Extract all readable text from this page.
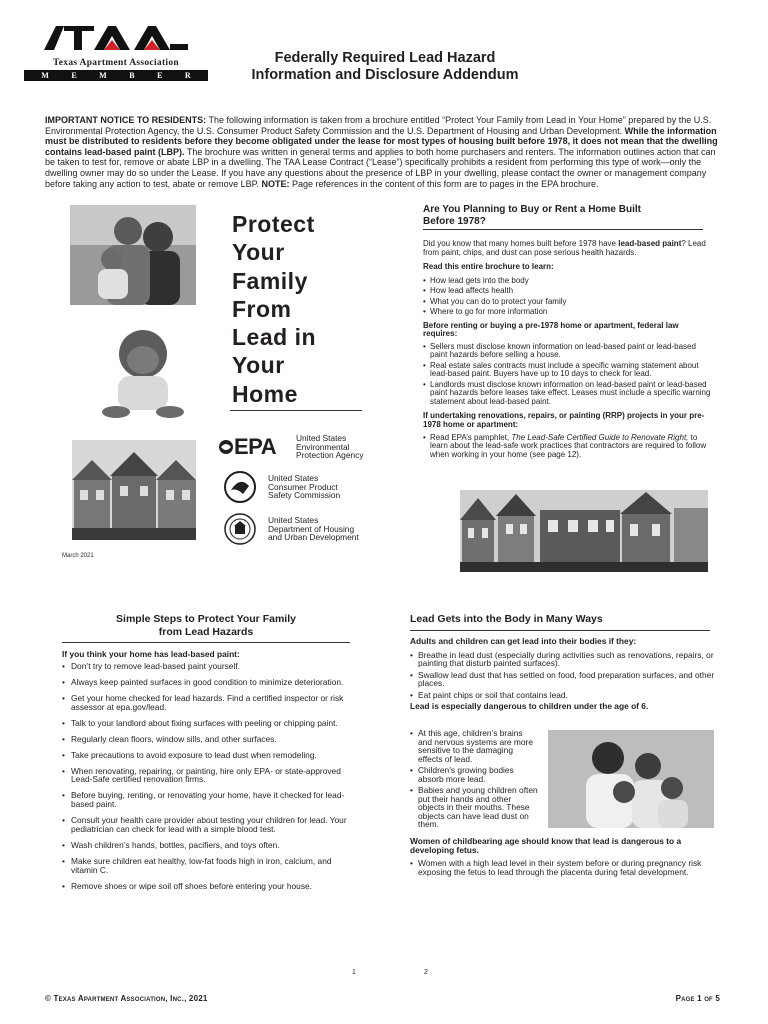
Texas Apartment Association
M	E	M	B	E	R
Federally Required Lead Hazard
Information and Disclosure Addendum
IMPORTANT NOTICE TO RESIDENTS: The following information is taken from a brochure entitled “Protect Your Family from Lead in Your Home” prepared by the U.S. Environmental Protection Agency, the U.S. Consumer Product Safety Commission and the U.S. Department of Housing and Urban Development. While the information must be distributed to residents before they become obligated under the lease for most types of housing built before 1978, it does not mean that the dwelling contains lead-based paint (LBP). The brochure was written in general terms and applies to both home purchasers and renters. The information outlines action that can be taken to test for, remove or abate LBP in a dwelling. The TAA Lease Contract (“Lease”) specifically prohibits a resident from performing this type of work—only the dwelling owner may do so under the Lease. If you have any questions about the presence of LBP in your dwelling, please contact the owner or management company before taking any action to test, abate or remove LBP. NOTE: Page references in the content of this form are to pages in the EPA brochure.
Protect
Your
Family
From
Lead in
Your
Home
EPA United States
Environmental
Protection Agency
United States
Consumer Product
Safety Commission
United States
Department of Housing
and Urban Development
March 2021
Are You Planning to Buy or Rent a Home Built
Before 1978?
Did you know that many homes built before 1978 have lead-based paint? Lead from paint, chips, and dust can pose serious health hazards.
Read this entire brochure to learn:
• How lead gets into the body
• How lead affects health
• What you can do to protect your family
• Where to go for more information
Before renting or buying a pre-1978 home or apartment, federal law requires:
• Sellers must disclose known information on lead-based paint or lead-based paint hazards before selling a house.
• Real estate sales contracts must include a specific warning statement about lead-based paint. Buyers have up to 10 days to check for lead.
• Landlords must disclose known information on lead-based paint or lead-based paint hazards before leases take effect. Leases must include a specific warning statement about lead-based paint.
If undertaking renovations, repairs, or painting (RRP) projects in your pre-1978 home or apartment:
• Read EPA’s pamphlet, The Lead-Safe Certified Guide to Renovate Right, to learn about the lead-safe work practices that contractors are required to follow when working in your home (see page 12).
Simple Steps to Protect Your Family
from Lead Hazards
If you think your home has lead-based paint:
• Don’t try to remove lead-based paint yourself.
• Always keep painted surfaces in good condition to minimize deterioration.
• Get your home checked for lead hazards. Find a certified inspector or risk assessor at epa.gov/lead.
• Talk to your landlord about fixing surfaces with peeling or chipping paint.
• Regularly clean floors, window sills, and other surfaces.
• Take precautions to avoid exposure to lead dust when remodeling.
• When renovating, repairing, or painting, hire only EPA- or state-approved Lead-Safe certified renovation firms.
• Before buying, renting, or renovating your home, have it checked for lead-based paint.
• Consult your health care provider about testing your children for lead. Your pediatrician can check for lead with a simple blood test.
• Wash children’s hands, bottles, pacifiers, and toys often.
• Make sure children eat healthy, low-fat foods high in iron, calcium, and vitamin C.
• Remove shoes or wipe soil off shoes before entering your house.
1
Lead Gets into the Body in Many Ways
Adults and children can get lead into their bodies if they:
• Breathe in lead dust (especially during activities such as renovations, repairs, or painting that disturb painted surfaces).
• Swallow lead dust that has settled on food, food preparation surfaces, and other places.
• Eat paint chips or soil that contains lead.
Lead is especially dangerous to children under the age of 6.
• At this age, children’s brains and nervous systems are more sensitive to the damaging effects of lead.
• Children’s growing bodies absorb more lead.
• Babies and young children often put their hands and other objects in their mouths. These objects can have lead dust on them.
Women of childbearing age should know that lead is dangerous to a developing fetus.
• Women with a high lead level in their system before or during pregnancy risk exposing the fetus to lead through the placenta during fetal development.
2
© Texas Apartment Association, Inc., 2021	Page 1 of 5
